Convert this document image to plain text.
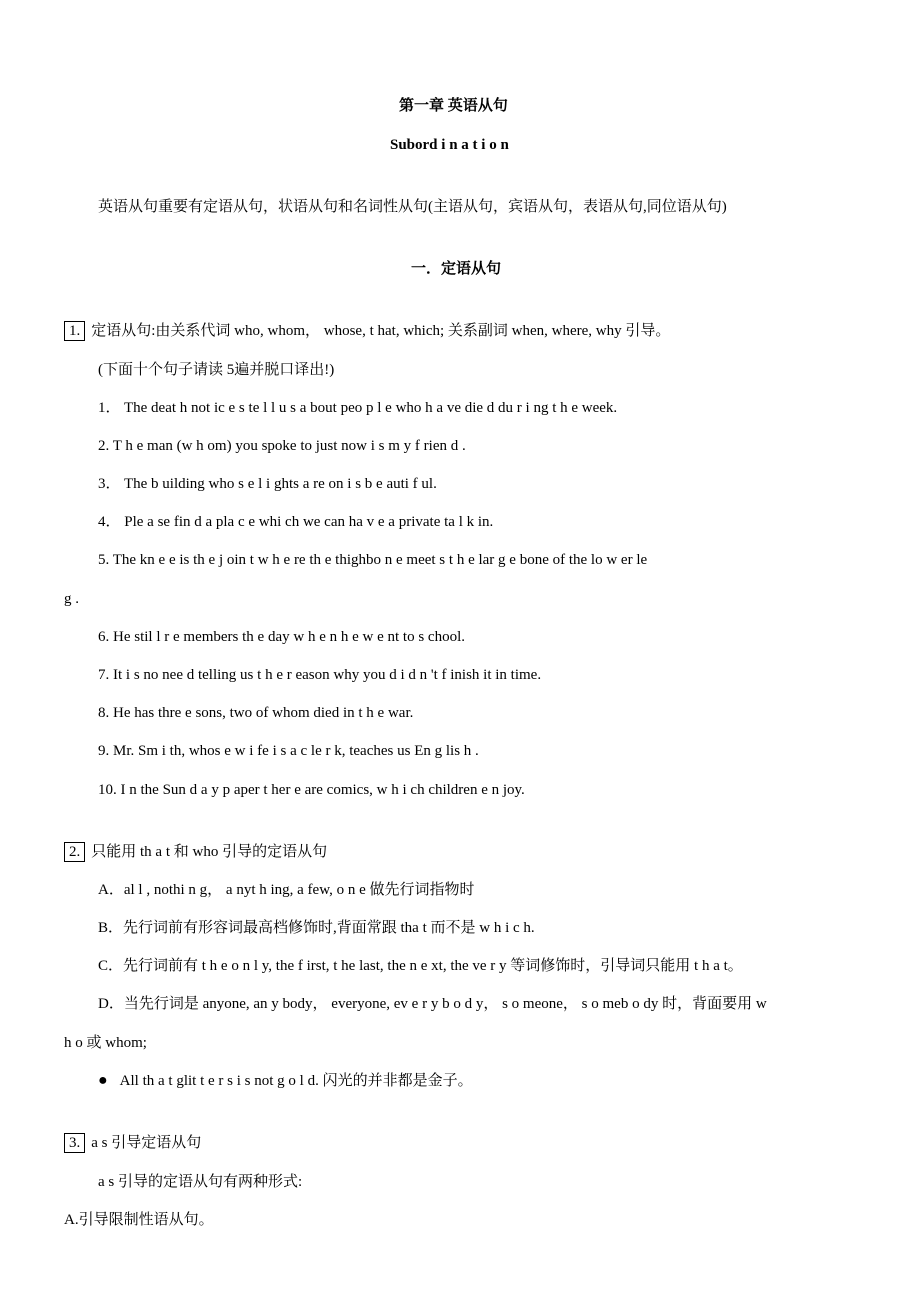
第一章 英语从句
Subord i n a t i o n
英语从句重要有定语从句，状语从句和名词性从句(主语从句，宾语从句，表语从句,同位语从句)
一．定语从句
1. 定语从句:由关系代词 who, whom， whose, t hat, which; 关系副词 when, where, why 引导。
(下面十个句子请读 5遍并脱口译出!)
1． The deat h not ic e s te l l u s a bout peo p l e who h a ve die d du r i ng t h e week.
2. T h e man (w h om) you spoke to just now i s m y f rien d .
3． The b uilding who s e l i ghts a re on i s b e auti f ul.
4． Ple a se fin d a pla c e whi ch we can ha v e a private ta l k in.
5. The kn e e is th e j oin t w h e re th e thighbo n e meet s t h e lar g e bone of the lo w er le
g .
6. He stil l r e members th e day w h e n h e w e nt to s chool.
7. It i s no nee d telling us t h e r eason why you d i d n 't f inish it in time.
8. He has thre e sons, two of whom died in t h e war.
9. Mr. Sm i th, whos e w i fe i s a c le r k, teaches us En g lis h .
10. I n the Sun d a y p aper t her e are comics, w h i ch children e n joy.
2. 只能用 th a t 和 who 引导的定语从句
A．al l , nothi n g， a nyt h ing, a few, o n e 做先行词指物时
B．先行词前有形容词最高档修饰时,背面常跟 tha t 而不是 w h i c h.
C．先行词前有 t h e o n l y, the f irst, t he last, the n e xt, the ve r y 等词修饰时，引导词只能用 t h a t。
D．当先行词是 anyone, an y body， everyone, ev e r y b o d y， s o meone， s o meb o dy 时，背面要用 w
h o 或 whom;
● All th a t glit t e r s i s not g o l d. 闪光的并非都是金子。
3. a s 引导定语从句
a s 引导的定语从句有两种形式:
A.引导限制性语从句。
